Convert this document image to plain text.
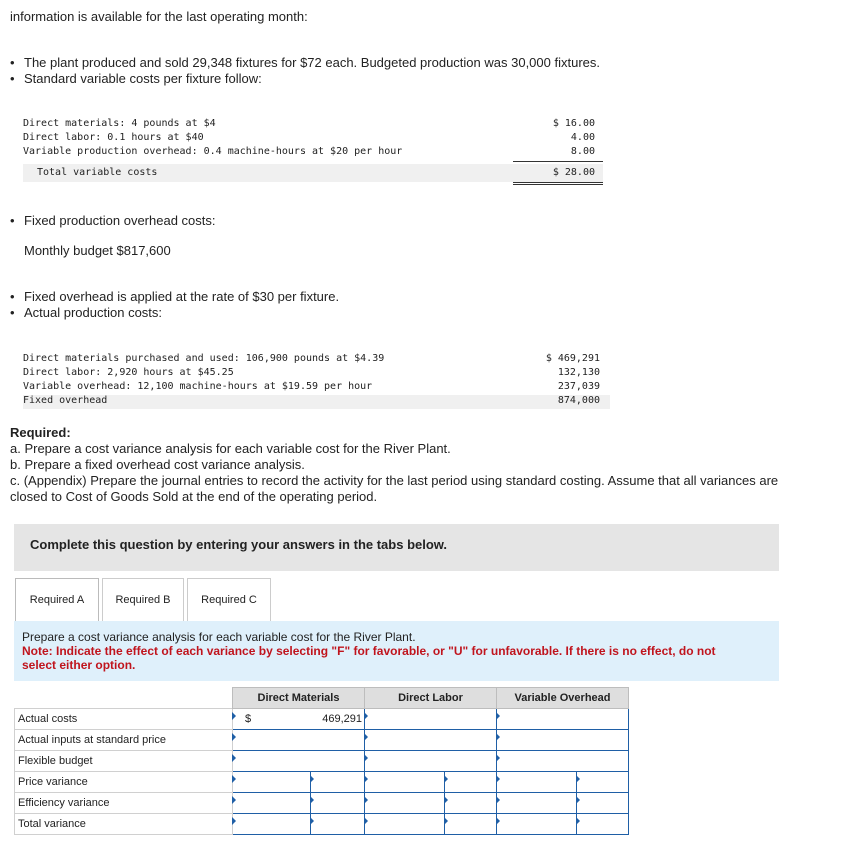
information is available for the last operating month:
• The plant produced and sold 29,348 fixtures for $72 each. Budgeted production was 30,000 fixtures.
• Standard variable costs per fixture follow:
Direct materials: 4 pounds at $4	$ 16.00
Direct labor: 0.1 hours at $40	4.00
Variable production overhead: 0.4 machine-hours at $20 per hour	8.00
Total variable costs	$ 28.00
• Fixed production overhead costs:
Monthly budget $817,600
• Fixed overhead is applied at the rate of $30 per fixture.
• Actual production costs:
Direct materials purchased and used: 106,900 pounds at $4.39	$ 469,291
Direct labor: 2,920 hours at $45.25	132,130
Variable overhead: 12,100 machine-hours at $19.59 per hour	237,039
Fixed overhead	874,000
Required:
a. Prepare a cost variance analysis for each variable cost for the River Plant.
b. Prepare a fixed overhead cost variance analysis.
c. (Appendix) Prepare the journal entries to record the activity for the last period using standard costing. Assume that all variances are
closed to Cost of Goods Sold at the end of the operating period.
Complete this question by entering your answers in the tabs below.
Required A	Required B	Required C
Prepare a cost variance analysis for each variable cost for the River Plant.
Note: Indicate the effect of each variance by selecting "F" for favorable, or "U" for unfavorable. If there is no effect, do not
select either option.
	Direct Materials		Direct Labor		Variable Overhead	
Actual costs	$ 469,291					

Actual inputs at standard price						
Flexible budget						
Price variance						
Efficiency variance						
Total variance						
